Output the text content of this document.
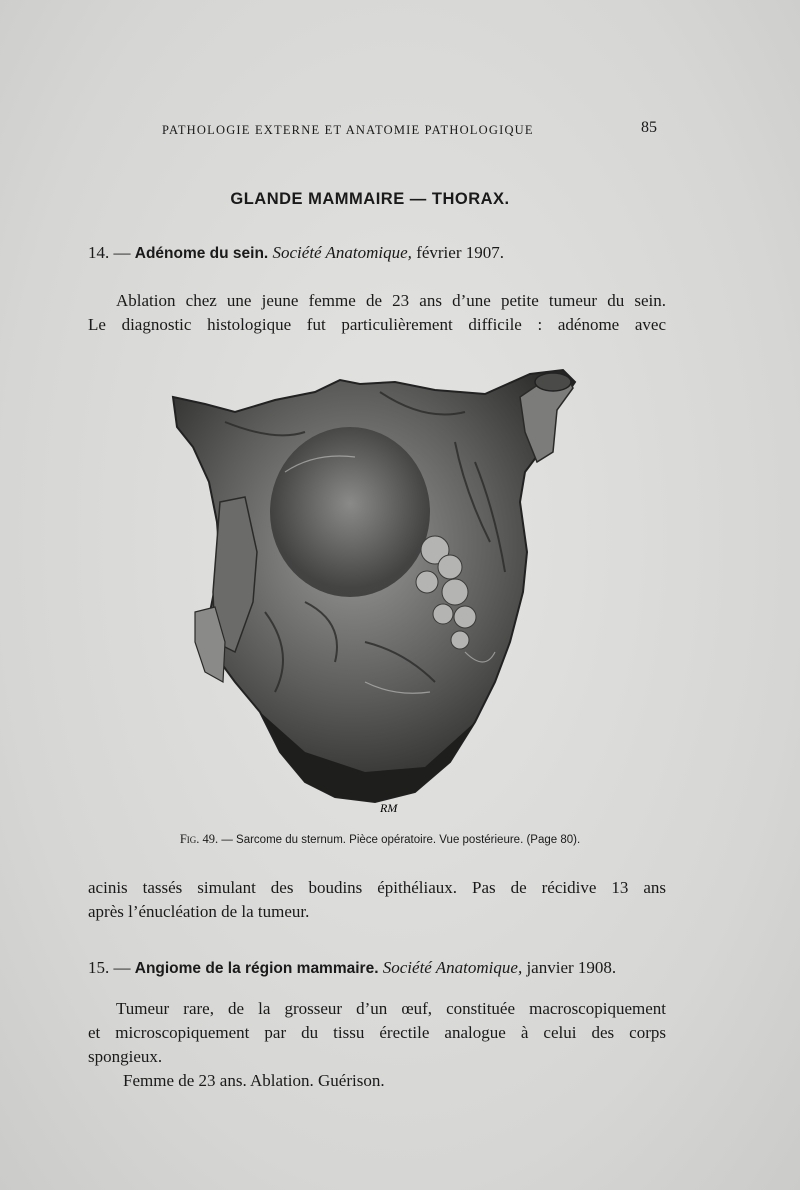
PATHOLOGIE EXTERNE ET ANATOMIE PATHOLOGIQUE	85
GLANDE MAMMAIRE — THORAX.
14. — Adénome du sein. Société Anatomique, février 1907.
Ablation chez une jeune femme de 23 ans d’une petite tumeur du sein.
Le diagnostic histologique fut particulièrement difficile : adénome avec
RM
Fig. 49. — Sarcome du sternum. Pièce opératoire. Vue postérieure. (Page 80).
acinis tassés simulant des boudins épithéliaux. Pas de récidive 13 ans
après l’énucléation de la tumeur.
15. — Angiome de la région mammaire. Société Anatomique, janvier 1908.
Tumeur rare, de la grosseur d’un œuf, constituée macroscopiquement
et microscopiquement par du tissu érectile analogue à celui des corps
spongieux.
Femme de 23 ans. Ablation. Guérison.
